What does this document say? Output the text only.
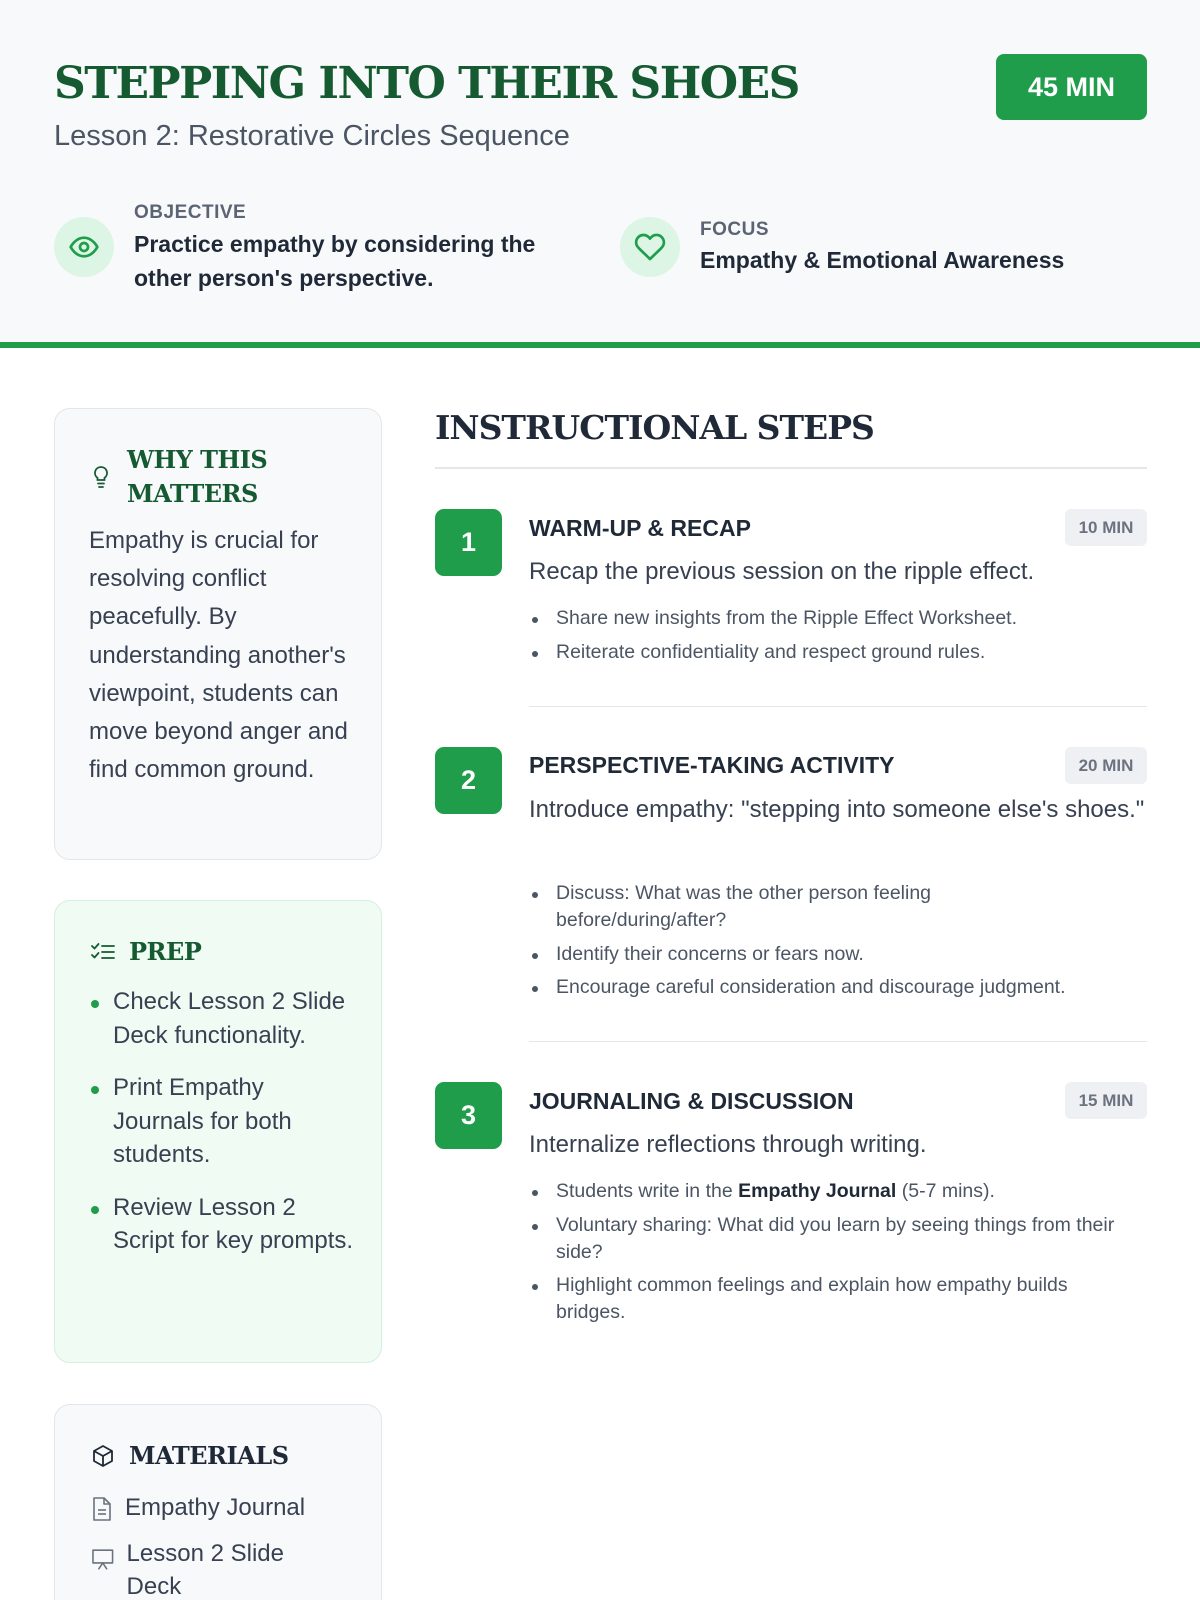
STEPPING INTO THEIR SHOES
Lesson 2: Restorative Circles Sequence
45 MIN
OBJECTIVE
Practice empathy by considering the other person's perspective.
FOCUS
Empathy & Emotional Awareness
WHY THIS MATTERS
Empathy is crucial for resolving conflict peacefully. By understanding another's viewpoint, students can move beyond anger and find common ground.
PREP
Check Lesson 2 Slide Deck functionality.
Print Empathy Journals for both students.
Review Lesson 2 Script for key prompts.
MATERIALS
Empathy Journal
Lesson 2 Slide Deck
INSTRUCTIONAL STEPS
1	WARM-UP & RECAP	10 MIN
Recap the previous session on the ripple effect.
Share new insights from the Ripple Effect Worksheet.
Reiterate confidentiality and respect ground rules.
2	PERSPECTIVE-TAKING ACTIVITY	20 MIN
Introduce empathy: "stepping into someone else's shoes."
Discuss: What was the other person feeling before/during/after?
Identify their concerns or fears now.
Encourage careful consideration and discourage judgment.
3	JOURNALING & DISCUSSION	15 MIN
Internalize reflections through writing.
Students write in the Empathy Journal (5-7 mins).
Voluntary sharing: What did you learn by seeing things from their side?
Highlight common feelings and explain how empathy builds bridges.
